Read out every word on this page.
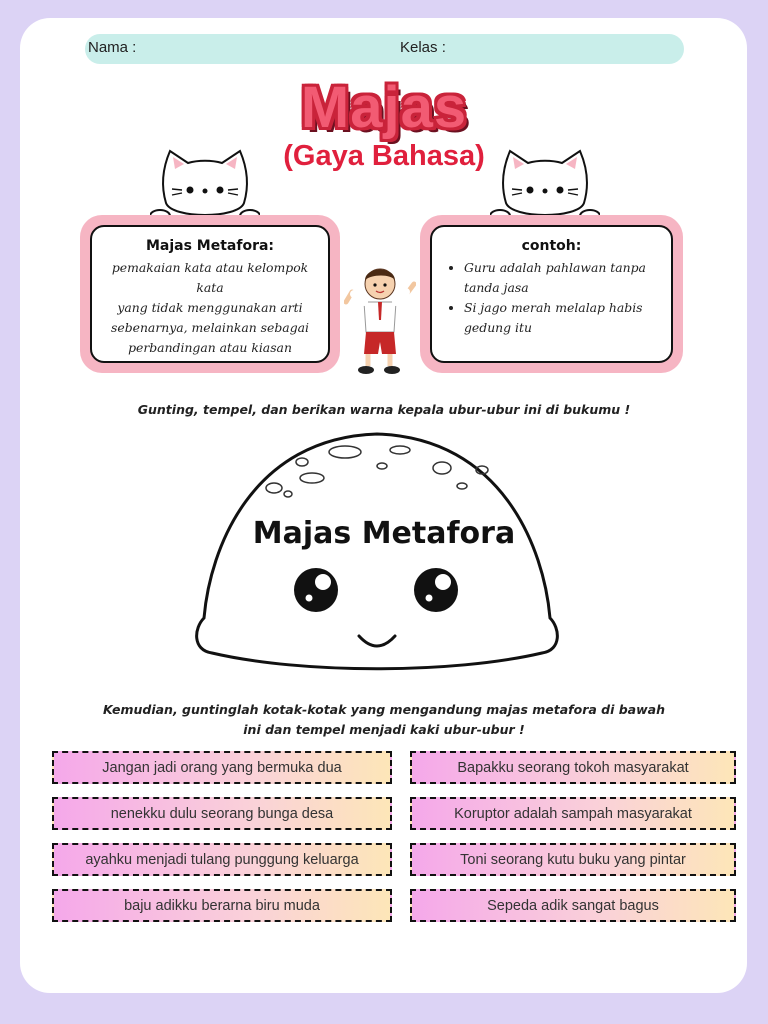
Nama :	Kelas :
Majas
(Gaya Bahasa)
Majas Metafora:
pemakaian kata atau kelompok kata
yang tidak menggunakan arti
sebenarnya, melainkan sebagai
perbandingan atau kiasan
contoh:
• Guru adalah pahlawan tanpa tanda jasa
• Si jago merah melalap habis gedung itu
Gunting, tempel, dan berikan warna kepala ubur-ubur ini di bukumu !
Majas Metafora
Kemudian, guntinglah kotak-kotak yang mengandung majas metafora di bawah
ini dan tempel menjadi kaki ubur-ubur !
Jangan jadi orang yang bermuka dua
nenekku dulu seorang bunga desa
ayahku menjadi tulang punggung keluarga
baju adikku berarna biru muda
Bapakku seorang tokoh masyarakat
Koruptor adalah sampah masyarakat
Toni seorang kutu buku yang pintar
Sepeda adik sangat bagus
